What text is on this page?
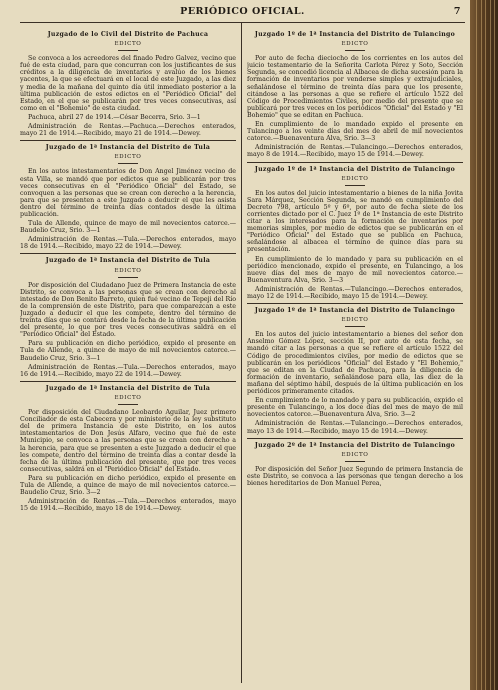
PERIÓDICO OFICIAL.	7
Juzgado de lo Civil del Distrito de Pachuca
EDICTO

Se convoca a los acreedores del finado Pedro Galvez, vecino que fué de esta ciudad, para que concurran con los justificantes de sus créditos a la diligencia de inventarios y avalúo de los bienes yacentes, la que se efectuará en el local de este Juzgado, a las diez y media de la mañana del quinto día útil inmediato posterior a la última publicación de estos edictos en el "Periódico Oficial" del Estado, en el que se publicarán por tres veces consecutivas, así como en el "Bohemio" de esta ciudad.

Pachuca, abril 27 de 1914.—César Becerra, Srio. 3—1

Administración de Rentas.—Pachuca.—Derechos enterados, mayo 21 de 1914.—Recibido, mayo 21 de 1914.—Dewey.

Juzgado de 1ª Instancia del Distrito de Tula
EDICTO

En los autos intestamentarios de Don Angel Jiménez vecino de esta Villa, se mandó que por edictos que se publicarán por tres veces consecutivas en el "Periódico Oficial" del Estado, se convoquen a las personas que se crean con derecho a la herencia, para que se presenten a este Juzgado a deducir el que les asista dentro del término de treinta días contados desde la última publicación.

Tula de Allende, quince de mayo de mil novecientos catorce.—Baudelio Cruz, Srio. 3—1

Administración de Rentas.—Tula.—Derechos enterados, mayo 18 de 1914.—Recibido, mayo 22 de 1914.—Dewey.

Juzgado de 1ª Instancia del Distrito de Tula
EDICTO

Por disposición del Ciudadano Juez de Primera Instancia de este Distrito, se convoca a las personas que se crean con derecho al intestado de Don Benito Barreto, quien fué vecino de Tepeji del Río de la comprensión de este Distrito, para que comparezcan a este Juzgado a deducir el que les compete, dentro del término de treinta días que se contará desde la fecha de la última publicación del presente, lo que por tres veces consecutivas saldrá en el "Periódico Oficial" del Estado.

Para su publicación en dicho periódico, expido el presente en Tula de Allende, a quince de mayo de mil novecientos catorce.—Baudelio Cruz, Srio. 3—1

Administración de Rentas.—Tula.—Derechos enterados, mayo 16 de 1914.—Recibido, mayo 22 de 1914.—Dewey.

Juzgado de 1ª Instancia del Distrito de Tula
EDICTO

Por disposición del Ciudadano Leobardo Aguilar, Juez primero Conciliador de esta Cabecera y por ministerio de la ley substituto del de primera Instancia de este Distrito, en los autos intestamentarios de Don Jesús Alfaro, vecino que fué de este Municipio, se convoca a las personas que se crean con derecho a la herencia, para que se presenten a este Juzgado a deducir el que les compete, dentro del término de treinta días a contar desde la fecha de la última publicación del presente, que por tres veces consecutivas, saldrá en el "Periódico Oficial" del Estado.

Para su publicación en dicho periódico, expido el presente en Tula de Allende, a quince de mayo de mil novecientos catorce.—Baudelio Cruz, Srio. 3—2

Administración de Rentas.—Tula.—Derechos enterados, mayo 15 de 1914.—Recibido, mayo 18 de 1914.—Dewey.

Juzgado 1º de 1ª Instancia del Distrito de Tulancingo
EDICTO

Por auto de fecha dieciocho de los corrientes en los autos del juicio testamentario de la Señorita Carlota Pérez y Soto, Sección Segunda, se concedió licencia al Albacea de dicha sucesión para la formación de inventarios por venderse simples y extrajudiciales, señalándose el término de treinta días para que los presente, citándose a las personas a que se refiere el artículo 1522 del Código de Procedimientos Civiles, por medio del presente que se publicará por tres veces en los periódicos "Oficial" del Estado y "El Bohemio" que se editan en Pachuca.

En cumplimiento de lo mandado expido el presente en Tulancingo a los veinte días del mes de abril de mil novecientos catorce.—Buenaventura Alva, Srio. 3—3

Administración de Rentas.—Tulancingo.—Derechos enterados, mayo 8 de 1914.—Recibido, mayo 15 de 1914.—Dewey.

Juzgado 1º de 1ª Instancia del Distrito de Tulancingo
EDICTO

En los autos del juicio intestamentario a bienes de la niña Jovita Sara Márquez, Sección Segunda, se mandó en cumplimiento del Decreto 798, artículo 5º y 6º, por auto de fecha siete de los corrientes dictado por el C. Juez 1º de 1ª Instancia de este Distrito citar a los interesados para la formación de inventarios por memorias simples, por medio de edictos que se publicarán en el "Periódico Oficial" del Estado que se publica en Pachuca, señalándose al albacea el término de quince días para su presentación.

En cumplimiento de lo mandado y para su publicación en el periódico mencionado, expido el presente, en Tulancingo, a los nueve días del mes de mayo de mil novecientos catorce.—Buenaventura Alva, Srio. 3—3

Administración de Rentas.—Tulancingo.—Derechos enterados, mayo 12 de 1914.—Recibido, mayo 15 de 1914.—Dewey.

Juzgado 1º de 1ª Instancia del Distrito de Tulancingo
EDICTO

En los autos del juicio intestamentario a bienes del señor don Anselmo Gómez López, sección II, por auto de esta fecha, se mandó citar a las personas a que se refiere el artículo 1522 del Código de procedimientos civiles, por medio de edictos que se publicarán en los periódicos "Oficial" del Estado y "El Bohemio," que se editan en la Ciudad de Pachuca, para la diligencia de formación de inventario, señalándose para ella, las diez de la mañana del séptimo hábil, después de la última publicación en los periódicos primeramente citados.

En cumplimiento de lo mandado y para su publicación, expido el presente en Tulancingo, a los doce días del mes de mayo de mil novecientos catorce.—Buenaventura Alva, Srio. 3—2

Administración de Rentas.—Tulancingo.—Derechos enterados, mayo 13 de 1914.—Recibido, mayo 15 de 1914.—Dewey.

Juzgado 2º de 1ª Instancia del Distrito de Tulancingo
EDICTO

Por disposición del Señor Juez Segundo de primera Instancia de este Distrito, se convoca a las personas que tengan derecho a los bienes hereditarios de Don Manuel Perea,
